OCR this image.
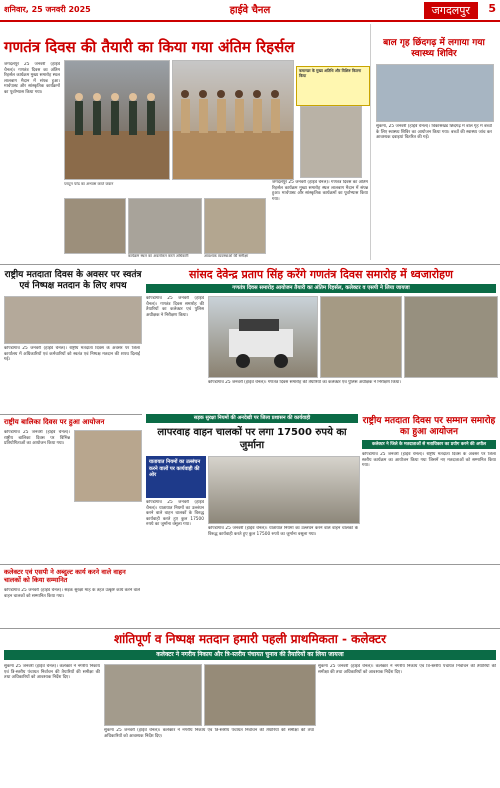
शनिवार, 25 जनवरी 2025	हाईवे चैनल	जगदलपुर	5
गणतंत्र दिवस की तैयारी का किया गया अंतिम रिहर्सल
जगदलपुर 25 जनवरी (हाईवे चैनल)। गणतंत्र दिवस का अंतिम रिहर्सल कार्यक्रम मुख्य समारोह स्थल लालबाग मैदान में संपन्न हुआ। मार्चपास्ट और सांस्कृतिक कार्यक्रमों का पूर्वाभ्यास किया गया।
कमाण्डर के मुख्य अतिथि और विशिष्ट कितना किया
प्लाटून परेड का अभ्यास करते जवान
कार्यक्रम स्थल का अवलोकन करते अधिकारी	आवश्यक व्यवस्थाओं की समीक्षा
जगदलपुर 25 जनवरी (हाईवे चैनल)। गणतंत्र दिवस का अंतिम रिहर्सल कार्यक्रम मुख्य समारोह स्थल लालबाग मैदान में संपन्न हुआ। मार्चपास्ट और सांस्कृतिक कार्यक्रमों का पूर्वाभ्यास किया गया।
बाल गृह छिंदगढ़ में लगाया गया स्वास्थ्य शिविर
सुकमा, 25 जनवरी (हाईवे चैनल)। विकासखंड छिंदगढ़ में बाल गृह में बच्चों के लिए स्वास्थ्य शिविर का आयोजन किया गया। बच्चों की स्वास्थ्य जांच कर आवश्यक दवाइयां वितरित की गईं।
राष्ट्रीय मतदाता दिवस के अवसर पर स्वतंत्र एवं निष्पक्ष मतदान के लिए शपथ
कोण्डागांव 25 जनवरी (हाईवे चैनल)। राष्ट्रीय मतदाता दिवस के अवसर पर जिला कार्यालय में अधिकारियों एवं कर्मचारियों को स्वतंत्र एवं निष्पक्ष मतदान की शपथ दिलाई गई।
सांसद देवेन्द्र प्रताप सिंह करेंगे गणतंत्र दिवस समारोह में ध्वजारोहण
गणतंत्र दिवस समारोह आयोजन तैयारी का अंतिम रिहर्सल, कलेक्टर व एसपी ने लिया जायजा
कोण्डागांव 25 जनवरी (हाईवे चैनल)। गणतंत्र दिवस समारोह की तैयारियों का कलेक्टर एवं पुलिस अधीक्षक ने निरीक्षण किया।
कोण्डागांव 25 जनवरी (हाईवे चैनल)। गणतंत्र दिवस समारोह की तैयारियों का कलेक्टर एवं पुलिस अधीक्षक ने निरीक्षण किया।
राष्ट्रीय बालिका दिवस पर हुआ आयोजन
कोण्डागांव 25 जनवरी (हाईवे चैनल)। राष्ट्रीय बालिका दिवस पर विभिन्न प्रतियोगिताओं का आयोजन किया गया।
सड़क सुरक्षा नियमों की अनदेखी पर जिला प्रशासन की कार्यवाही
लापरवाह वाहन चालकों पर लगा 17500 रुपये का जुर्माना
यातायात नियमों का उल्लंघन करने वालों पर कार्यवाही की ओर
कोण्डागांव 25 जनवरी (हाईवे चैनल)। यातायात नियमों का उल्लंघन करने वाले वाहन चालकों के विरुद्ध कार्यवाही करते हुए कुल 17500 रुपये का जुर्माना वसूला गया।
कोण्डागांव 25 जनवरी (हाईवे चैनल)। यातायात नियमों का उल्लंघन करने वाले वाहन चालकों के विरुद्ध कार्यवाही करते हुए कुल 17500 रुपये का जुर्माना वसूला गया।
राष्ट्रीय मतदाता दिवस पर सम्मान समारोह का हुआ आयोजन
कलेक्टर ने जिले के मतदाताओं से मताधिकार का प्रयोग करने की अपील
कोण्डागांव 25 जनवरी (हाईवे चैनल)। राष्ट्रीय मतदाता दिवस के अवसर पर जिला स्तरीय कार्यक्रम का आयोजन किया गया जिसमें नए मतदाताओं को सम्मानित किया गया।
कलेक्टर एवं एसपी ने अब्दुल्ट कार्य करने वाले वाहन चालकों को किया सम्मानित
कोण्डागांव 25 जनवरी (हाईवे चैनल)। सड़क सुरक्षा माह के तहत उत्कृष्ट कार्य करने वाले वाहन चालकों को सम्मानित किया गया।
शांतिपूर्ण व निष्पक्ष मतदान हमारी पहली प्राथमिकता - कलेक्टर
कलेक्टर ने नगरीय निकाय और त्रि-स्तरीय पंचायत चुनाव की तैयारियों का लिया जायजा
सुकमा 25 जनवरी (हाईवे चैनल)। कलेक्टर ने नगरीय निकाय एवं त्रि-स्तरीय पंचायत निर्वाचन की तैयारियों की समीक्षा की तथा अधिकारियों को आवश्यक निर्देश दिए।
सुकमा 25 जनवरी (हाईवे चैनल)। कलेक्टर ने नगरीय निकाय एवं त्रि-स्तरीय पंचायत निर्वाचन की तैयारियों की समीक्षा की तथा अधिकारियों को आवश्यक निर्देश दिए।
सुकमा 25 जनवरी (हाईवे चैनल)। कलेक्टर ने नगरीय निकाय एवं त्रि-स्तरीय पंचायत निर्वाचन की तैयारियों की समीक्षा की तथा अधिकारियों को आवश्यक निर्देश दिए।
